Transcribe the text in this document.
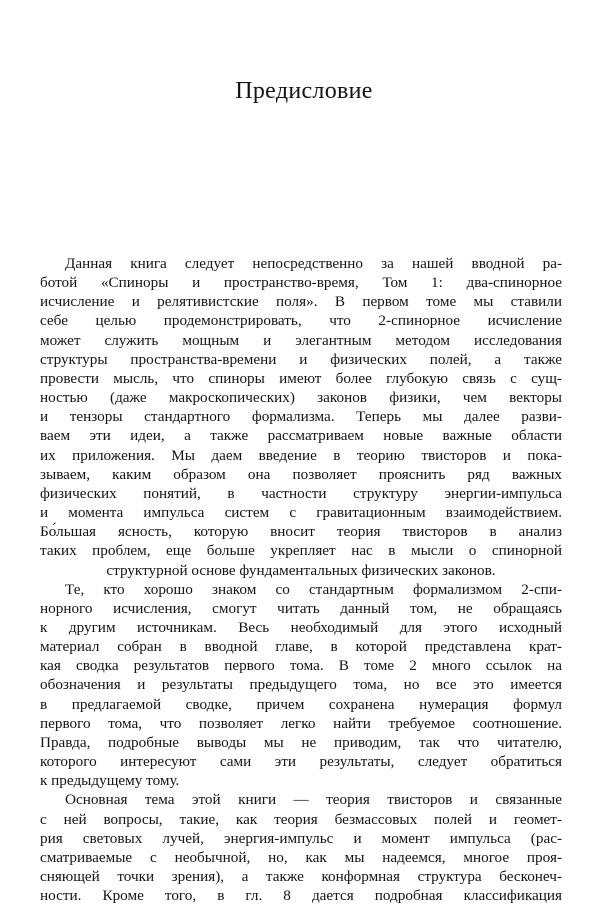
Предисловие
Данная книга следует непосредственно за нашей вводной ра-
ботой «Спиноры и пространство-время, Том 1: два-спинорное
исчисление и релятивистские поля». В первом томе мы ставили
себе целью продемонстрировать, что 2-спинорное исчисление
может служить мощным и элегантным методом исследования
структуры пространства-времени и физических полей, а также
провести мысль, что спиноры имеют более глубокую связь с сущ-
ностью (даже макроскопических) законов физики, чем векторы
и тензоры стандартного формализма. Теперь мы далее разви-
ваем эти идеи, а также рассматриваем новые важные области
их приложения. Мы даем введение в теорию твисторов и пока-
зываем, каким образом она позволяет прояснить ряд важных
физических понятий, в частности структуру энергии-импульса
и момента импульса систем с гравитационным взаимодействием.
Бо́льшая ясность, которую вносит теория твисторов в анализ
таких проблем, еще больше укрепляет нас в мысли о спинорной
структурной основе фундаментальных физических законов.
Те, кто хорошо знаком со стандартным формализмом 2-спи-
норного исчисления, смогут читать данный том, не обращаясь
к другим источникам. Весь необходимый для этого исходный
материал собран в вводной главе, в которой представлена крат-
кая сводка результатов первого тома. В томе 2 много ссылок на
обозначения и результаты предыдущего тома, но все это имеется
в предлагаемой сводке, причем сохранена нумерация формул
первого тома, что позволяет легко найти требуемое соотношение.
Правда, подробные выводы мы не приводим, так что читателю,
которого интересуют сами эти результаты, следует обратиться
к предыдущему тому.
Основная тема этой книги — теория твисторов и связанные
с ней вопросы, такие, как теория безмассовых полей и геомет-
рия световых лучей, энергия-импульс и момент импульса (рас-
сматриваемые с необычной, но, как мы надеемся, многое проя-
сняющей точки зрения), а также конформная структура бесконеч-
ности. Кроме того, в гл. 8 дается подробная классификация
